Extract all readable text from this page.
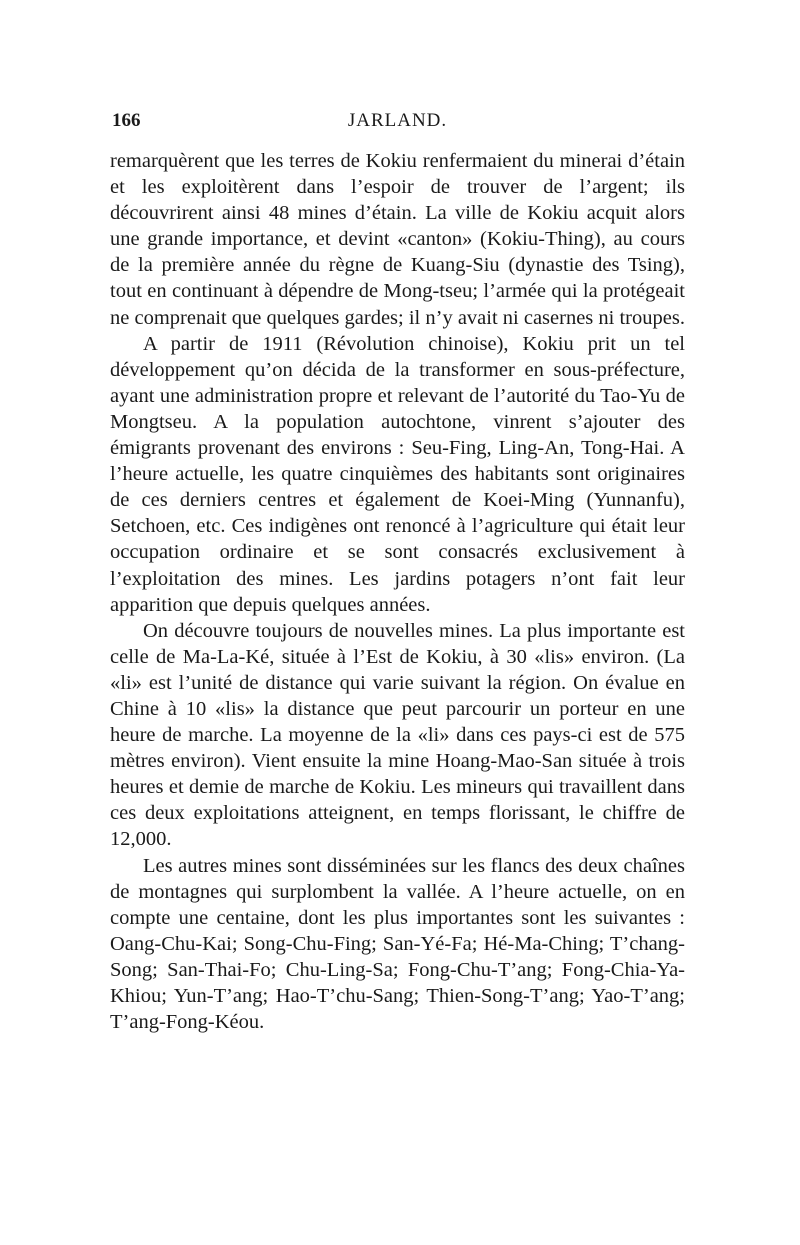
166	JARLAND.

remarquèrent que les terres de Kokiu renfermaient du minerai d’étain et les exploitèrent dans l’espoir de trouver de l’argent; ils découvrirent ainsi 48 mines d’étain. La ville de Kokiu acquit alors une grande importance, et devint «canton» (Kokiu-Thing), au cours de la première année du règne de Kuang-Siu (dynastie des Tsing), tout en continuant à dépendre de Mong-tseu; l’armée qui la protégeait ne comprenait que quelques gardes; il n’y avait ni casernes ni troupes.

A partir de 1911 (Révolution chinoise), Kokiu prit un tel développement qu’on décida de la transformer en sous-préfecture, ayant une administration propre et relevant de l’autorité du Tao-Yu de Mongtseu. A la population autochtone, vinrent s’ajouter des émigrants provenant des environs : Seu-Fing, Ling-An, Tong-Hai. A l’heure actuelle, les quatre cinquièmes des habitants sont originaires de ces derniers centres et également de Koei-Ming (Yunnanfu), Setchoen, etc. Ces indigènes ont renoncé à l’agriculture qui était leur occupation ordinaire et se sont consacrés exclusivement à l’exploitation des mines. Les jardins potagers n’ont fait leur apparition que depuis quelques années.

On découvre toujours de nouvelles mines. La plus importante est celle de Ma-La-Ké, située à l’Est de Kokiu, à 30 «lis» environ. (La «li» est l’unité de distance qui varie suivant la région. On évalue en Chine à 10 «lis» la distance que peut parcourir un porteur en une heure de marche. La moyenne de la «li» dans ces pays-ci est de 575 mètres environ). Vient ensuite la mine Hoang-Mao-San située à trois heures et demie de marche de Kokiu. Les mineurs qui travaillent dans ces deux exploitations atteignent, en temps florissant, le chiffre de 12,000.

Les autres mines sont disséminées sur les flancs des deux chaînes de montagnes qui surplombent la vallée. A l’heure actuelle, on en compte une centaine, dont les plus importantes sont les suivantes : Oang-Chu-Kai; Song-Chu-Fing; San-Yé-Fa; Hé-Ma-Ching; T’chang-Song; San-Thai-Fo; Chu-Ling-Sa; Fong-Chu-T’ang; Fong-Chia-Ya-Khiou; Yun-T’ang; Hao-T’chu-Sang; Thien-Song-T’ang; Yao-T’ang; T’ang-Fong-Kéou.
